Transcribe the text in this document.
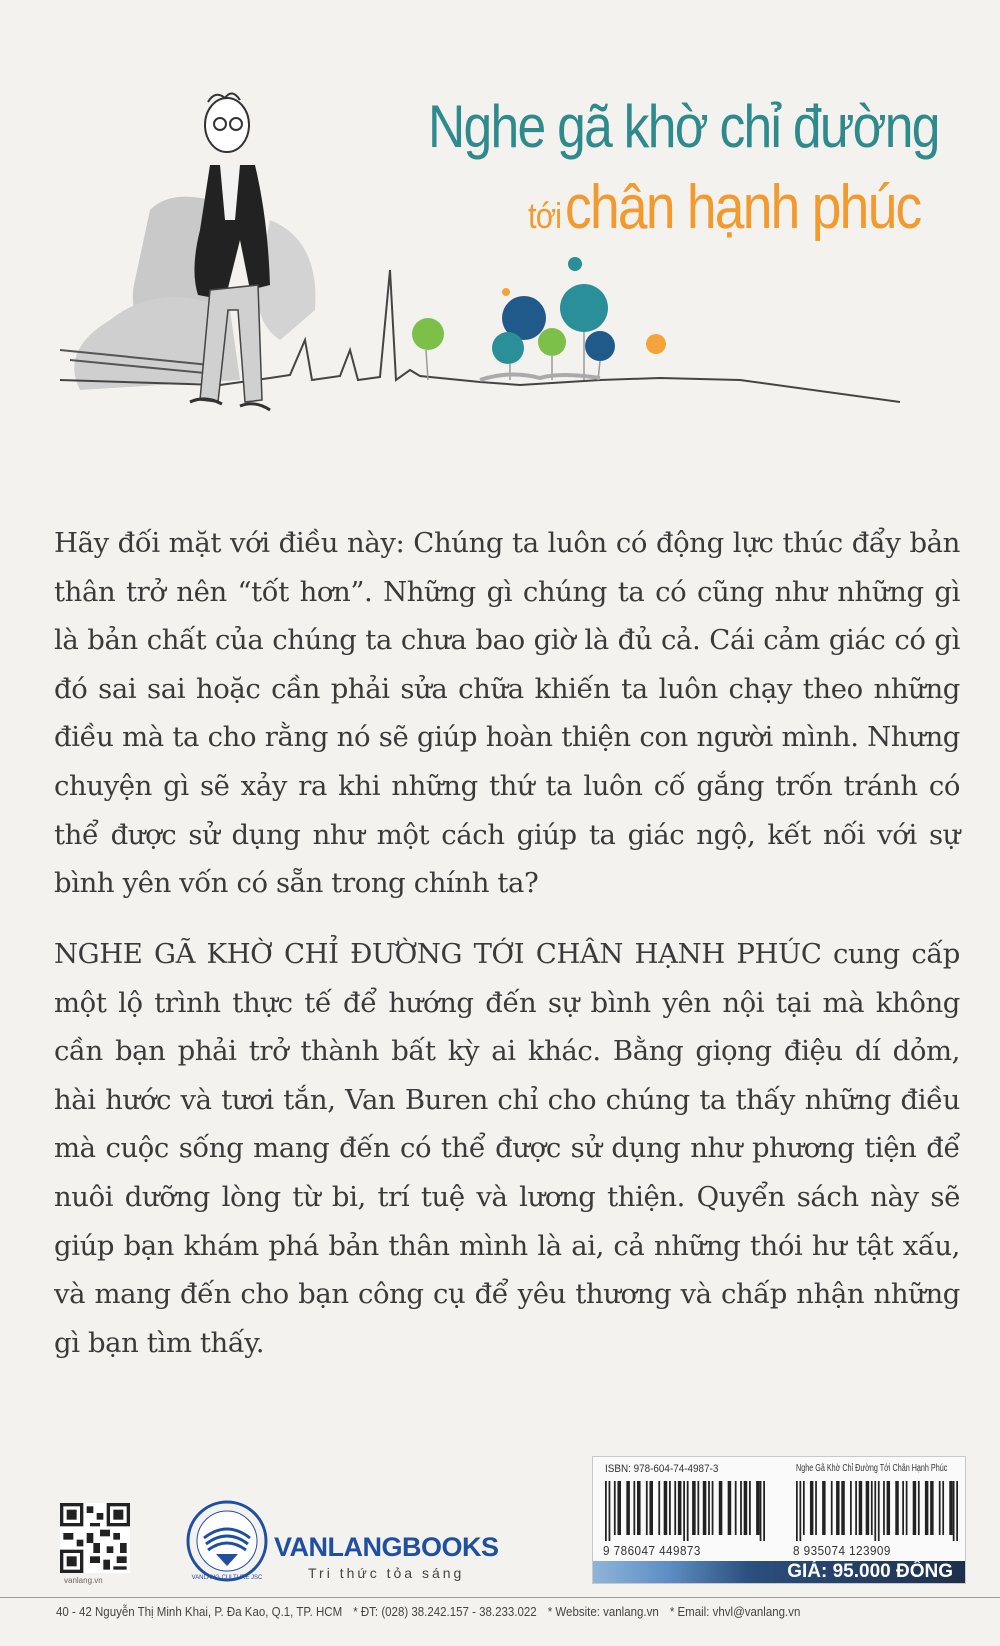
Nghe gã khờ chỉ đường
tới chân hạnh phúc

Hãy đối mặt với điều này: Chúng ta luôn có động lực thúc đẩy bản thân trở nên “tốt hơn”. Những gì chúng ta có cũng như những gì là bản chất của chúng ta chưa bao giờ là đủ cả. Cái cảm giác có gì đó sai sai hoặc cần phải sửa chữa khiến ta luôn chạy theo những điều mà ta cho rằng nó sẽ giúp hoàn thiện con người mình. Nhưng chuyện gì sẽ xảy ra khi những thứ ta luôn cố gắng trốn tránh có thể được sử dụng như một cách giúp ta giác ngộ, kết nối với sự bình yên vốn có sẵn trong chính ta?

NGHE GÃ KHỜ CHỈ ĐƯỜNG TỚI CHÂN HẠNH PHÚC cung cấp một lộ trình thực tế để hướng đến sự bình yên nội tại mà không cần bạn phải trở thành bất kỳ ai khác. Bằng giọng điệu dí dỏm, hài hước và tươi tắn, Van Buren chỉ cho chúng ta thấy những điều mà cuộc sống mang đến có thể được sử dụng như phương tiện để nuôi dưỡng lòng từ bi, trí tuệ và lương thiện. Quyển sách này sẽ giúp bạn khám phá bản thân mình là ai, cả những thói hư tật xấu, và mang đến cho bạn công cụ để yêu thương và chấp nhận những gì bạn tìm thấy.

vanlang.vn	VANLANG CULTURE JSC
VANLANGBOOKS
Tri thức tỏa sáng
ISBN: 978-604-74-4987-3	Nghe Gã Khờ Chỉ Đường Tới Chân Hạnh Phúc
9 786047 449873	8 935074 123909
GIÁ: 95.000 ĐỒNG
40 - 42 Nguyễn Thị Minh Khai, P. Đa Kao, Q.1, TP. HCM * ĐT: (028) 38.242.157 - 38.233.022 * Website: vanlang.vn * Email: vhvl@vanlang.vn
